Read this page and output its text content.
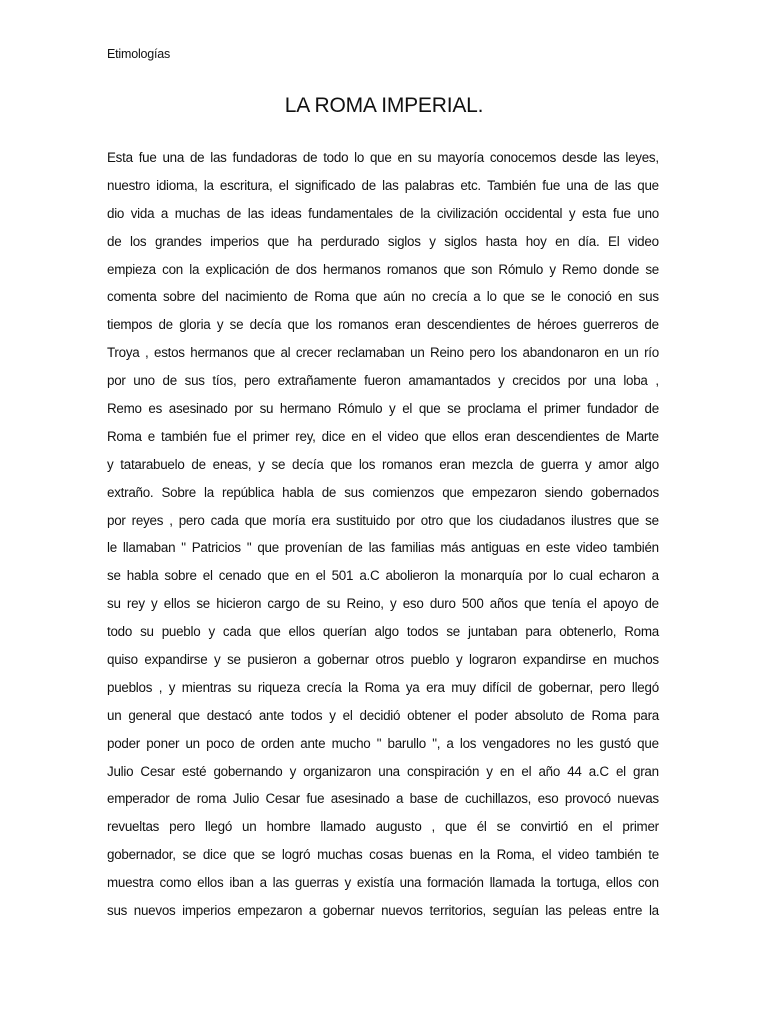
Etimologías
LA ROMA IMPERIAL.
Esta fue una de las fundadoras de todo lo que en su mayoría conocemos desde las leyes,
nuestro idioma, la escritura, el significado de las palabras etc. También fue una de las que
dio vida a muchas de las ideas fundamentales de la civilización occidental y esta fue uno
de los grandes imperios que ha perdurado siglos y siglos hasta hoy en día. El video
empieza con la explicación de dos hermanos romanos que son Rómulo y Remo donde se
comenta sobre del nacimiento de Roma que aún no crecía a lo que se le conoció en sus
tiempos de gloria y se decía que los romanos eran descendientes de héroes guerreros de
Troya , estos hermanos que al crecer reclamaban un Reino pero los abandonaron en un río
por uno de sus tíos, pero extrañamente fueron amamantados y crecidos por una loba ,
Remo es asesinado por su hermano Rómulo y el que se proclama el primer fundador de
Roma e también fue el primer rey, dice en el video que ellos eran descendientes de Marte
y tatarabuelo de eneas, y se decía que los romanos eran mezcla de guerra y amor algo
extraño. Sobre la república habla de sus comienzos que empezaron siendo gobernados
por reyes , pero cada que moría era sustituido por otro que los ciudadanos ilustres que se
le llamaban " Patricios " que provenían de las familias más antiguas en este video también
se habla sobre el cenado que en el 501 a.C abolieron la monarquía por lo cual echaron a
su rey y ellos se hicieron cargo de su Reino, y eso duro 500 años que tenía el apoyo de
todo su pueblo y cada que ellos querían algo todos se juntaban para obtenerlo, Roma
quiso expandirse y se pusieron a gobernar otros pueblo y lograron expandirse en muchos
pueblos , y mientras su riqueza crecía la Roma ya era muy difícil de gobernar, pero llegó
un general que destacó ante todos y el decidió obtener el poder absoluto de Roma para
poder poner un poco de orden ante mucho " barullo ", a los vengadores no les gustó que
Julio Cesar esté gobernando y organizaron una conspiración y en el año 44 a.C el gran
emperador de roma Julio Cesar fue asesinado a base de cuchillazos, eso provocó nuevas
revueltas pero llegó un hombre llamado augusto , que él se convirtió en el primer
gobernador, se dice que se logró muchas cosas buenas en la Roma, el video también te
muestra como ellos iban a las guerras y existía una formación llamada la tortuga, ellos con
sus nuevos imperios empezaron a gobernar nuevos territorios, seguían las peleas entre la
